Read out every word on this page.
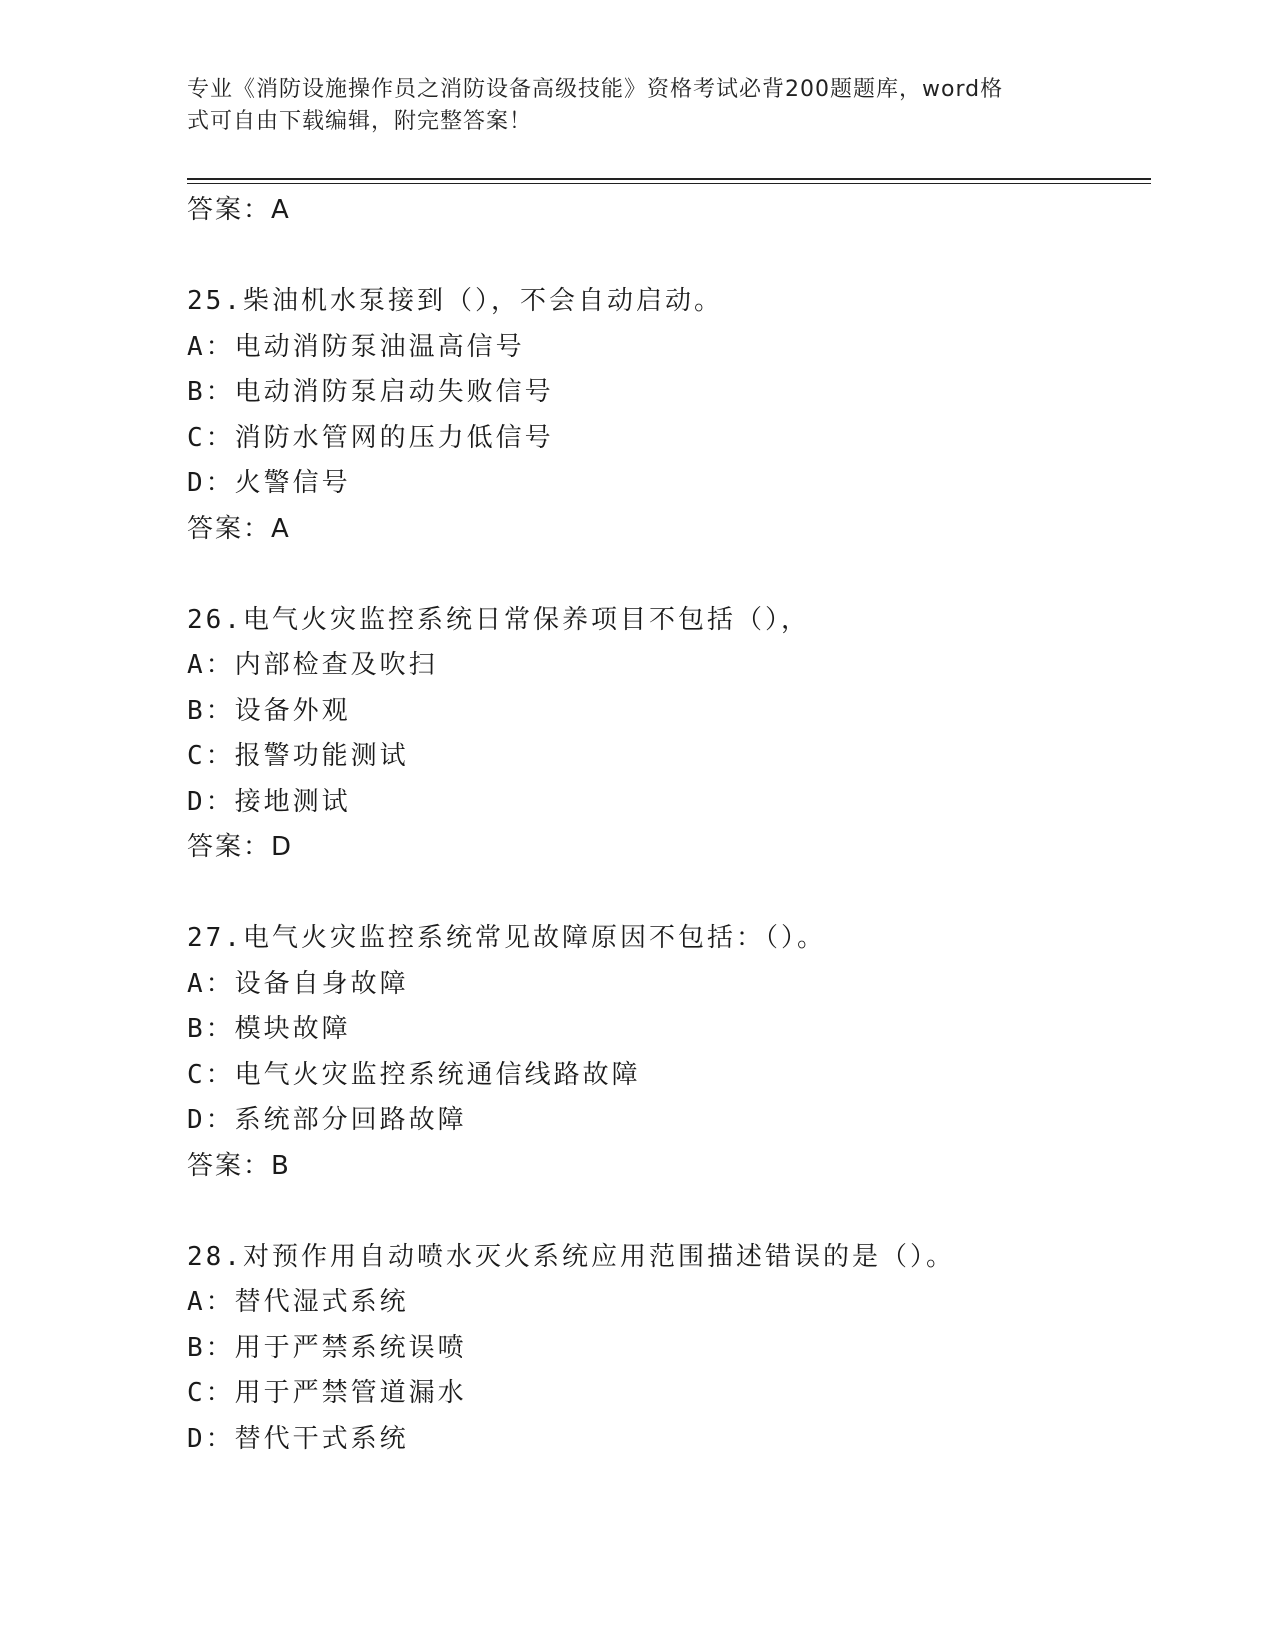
专业《消防设施操作员之消防设备高级技能》资格考试必背200题题库，word格
式可自由下载编辑，附完整答案！
答案：A
25.柴油机水泵接到（），不会自动启动。
A：电动消防泵油温高信号
B：电动消防泵启动失败信号
C：消防水管网的压力低信号
D：火警信号
答案：A
26.电气火灾监控系统日常保养项目不包括（），
A：内部检查及吹扫
B：设备外观
C：报警功能测试
D：接地测试
答案：D
27.电气火灾监控系统常见故障原因不包括：（）。
A：设备自身故障
B：模块故障
C：电气火灾监控系统通信线路故障
D：系统部分回路故障
答案：B
28.对预作用自动喷水灭火系统应用范围描述错误的是（）。
A：替代湿式系统
B：用于严禁系统误喷
C：用于严禁管道漏水
D：替代干式系统
